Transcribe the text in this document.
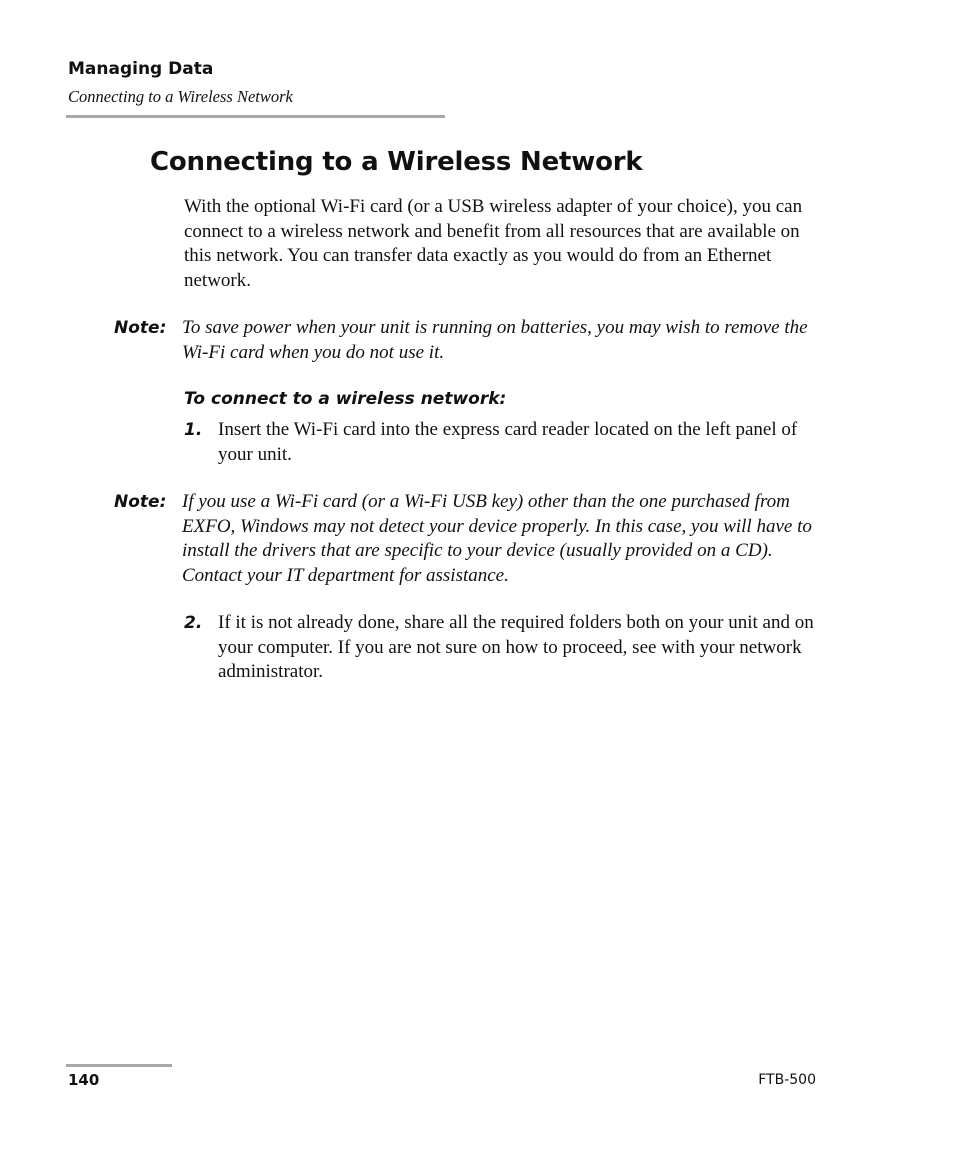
Managing Data
Connecting to a Wireless Network
Connecting to a Wireless Network

With the optional Wi-Fi card (or a USB wireless adapter of your choice), you can connect to a wireless network and benefit from all resources that are available on this network. You can transfer data exactly as you would do from an Ethernet network.

Note: To save power when your unit is running on batteries, you may wish to remove the Wi-Fi card when you do not use it.

To connect to a wireless network:
1. Insert the Wi-Fi card into the express card reader located on the left panel of your unit.

Note: If you use a Wi-Fi card (or a Wi-Fi USB key) other than the one purchased from EXFO, Windows may not detect your device properly. In this case, you will have to install the drivers that are specific to your device (usually provided on a CD). Contact your IT department for assistance.

2. If it is not already done, share all the required folders both on your unit and on your computer. If you are not sure on how to proceed, see with your network administrator.

140	FTB-500
